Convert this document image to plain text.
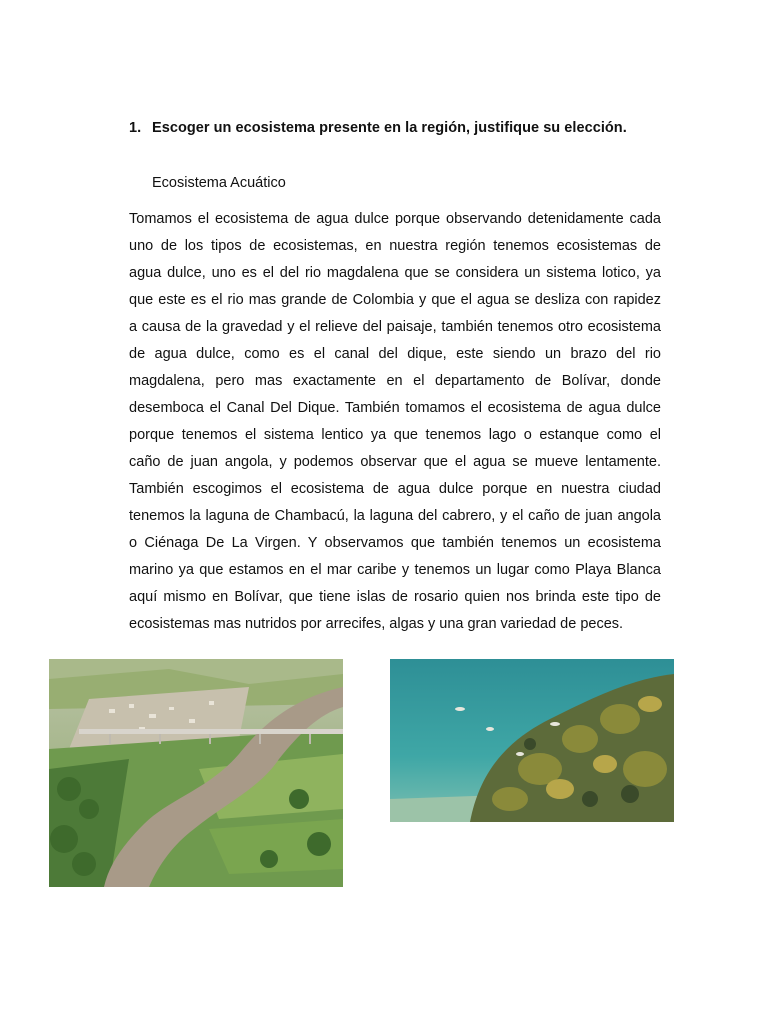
1. Escoger un ecosistema presente en la región, justifique su elección.
Ecosistema Acuático
Tomamos el ecosistema de agua dulce porque observando detenidamente cada
uno de los tipos de ecosistemas, en nuestra región tenemos ecosistemas de
agua dulce, uno es el del rio magdalena que se considera un sistema lotico, ya
que este es el rio mas grande de Colombia y que el agua se desliza con rapidez
a causa de la gravedad y el relieve del paisaje, también tenemos otro ecosistema
de agua dulce, como es el canal del dique, este siendo un brazo del rio
magdalena, pero mas exactamente en el departamento de Bolívar, donde
desemboca el Canal Del Dique. También tomamos el ecosistema de agua dulce
porque tenemos el sistema lentico ya que tenemos lago o estanque como el
caño de juan angola, y podemos observar que el agua se mueve lentamente.
También escogimos el ecosistema de agua dulce porque en nuestra ciudad
tenemos la laguna de Chambacú, la laguna del cabrero, y el caño de juan angola
o Ciénaga De La Virgen. Y observamos que también tenemos un ecosistema
marino ya que estamos en el mar caribe y tenemos un lugar como Playa Blanca
aquí mismo en Bolívar, que tiene islas de rosario quien nos brinda este tipo de
ecosistemas mas nutridos por arrecifes, algas y una gran variedad de peces.
